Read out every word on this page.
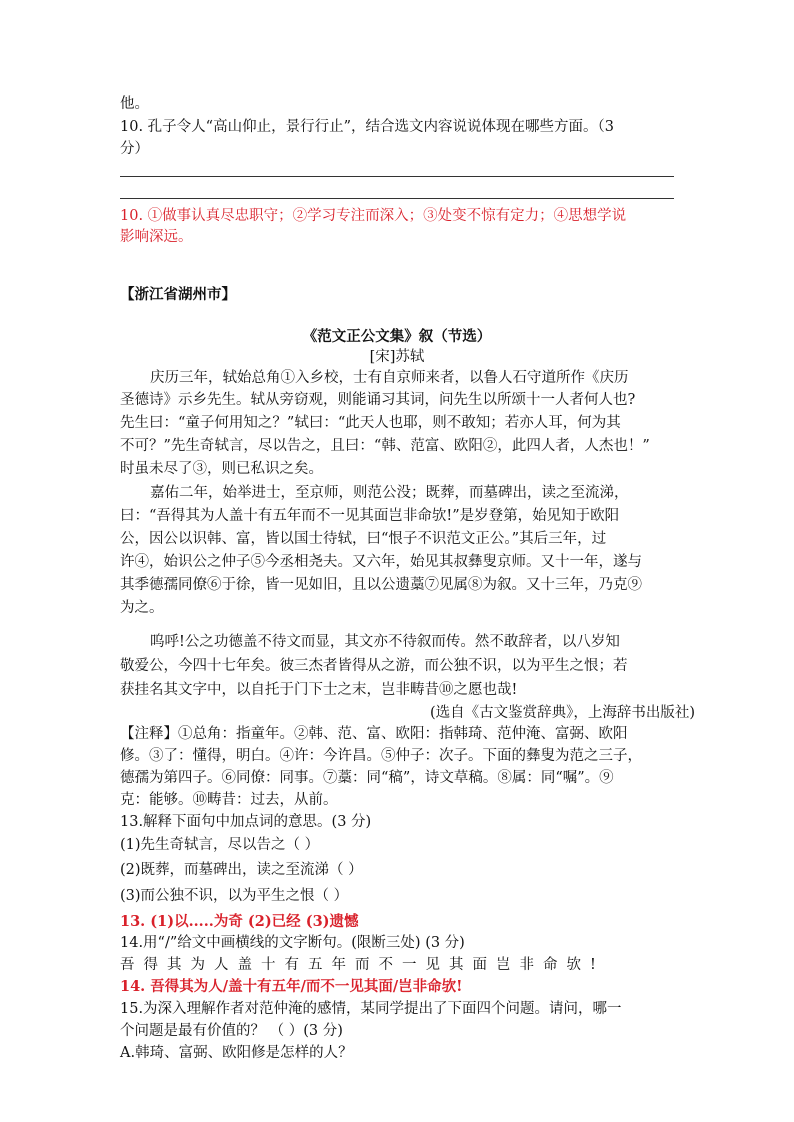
他。
10. 孔子令人“高山仰止，景行行止”，结合选文内容说说体现在哪些方面。（3
分）
10. ①做事认真尽忠职守；②学习专注而深入；③处变不惊有定力；④思想学说
影响深远。
【浙江省湖州市】
《范文正公文集》叙（节选）
[宋]苏轼
庆历三年，轼始总角①入乡校，士有自京师来者，以鲁人石守道所作《庆历
圣德诗》示乡先生。轼从旁窃观，则能诵习其词，问先生以所颂十一人者何人也?
先生曰：“童子何用知之？”轼曰：“此天人也耶，则不敢知；若亦人耳，何为其
不可？”先生奇轼言，尽以告之，且曰：“韩、范富、欧阳②，此四人者，人杰也！”
时虽未尽了③，则已私识之矣。
嘉佑二年，始举进士，至京师，则范公没；既葬，而墓碑出，读之至流涕，
曰：“吾得其为人盖十有五年而不一见其面岂非命欤!”是岁登第，始见知于欧阳
公，因公以识韩、富，皆以国士待轼，曰“恨子不识范文正公。”其后三年，过
许④，始识公之仲子⑤今丞相尧夫。又六年，始见其叔彝叟京师。又十一年，遂与
其季德孺同僚⑥于徐，皆一见如旧，且以公遗藁⑦见属⑧为叙。又十三年，乃克⑨
为之。
呜呼!公之功德盖不待文而显，其文亦不待叙而传。然不敢辞者，以八岁知
敬爱公，今四十七年矣。彼三杰者皆得从之游，而公独不识，以为平生之恨；若
获挂名其文字中，以自托于门下士之末，岂非畴昔⑩之愿也哉!
(选自《古文鉴赏辞典》，上海辞书出版社)
【注释】①总角：指童年。②韩、范、富、欧阳：指韩琦、范仲淹、富弼、欧阳
修。③了：懂得，明白。④许：今许昌。⑤仲子：次子。下面的彝叟为范之三子，
德孺为第四子。⑥同僚：同事。⑦藁：同“稿”，诗文草稿。⑧属：同“嘱”。⑨
克：能够。⑩畴昔：过去，从前。
13.解释下面句中加点词的意思。(3 分)
(1)先生奇轼言，尽以告之（ ）
(2)既葬，而墓碑出，读之至流涕（ ）
(3)而公独不识，以为平生之恨（ ）
13. (1)以.....为奇 (2)已经 (3)遗憾
14.用“/”给文中画横线的文字断句。(限断三处) (3 分)
吾得其为人盖十有五年而不一见其面岂非命欤!
14. 吾得其为人/盖十有五年/而不一见其面/岂非命欤!
15.为深入理解作者对范仲淹的感情，某同学提出了下面四个问题。请问，哪一
个问题是最有价值的？ （ ）(3 分)
A.韩琦、富弼、欧阳修是怎样的人？
